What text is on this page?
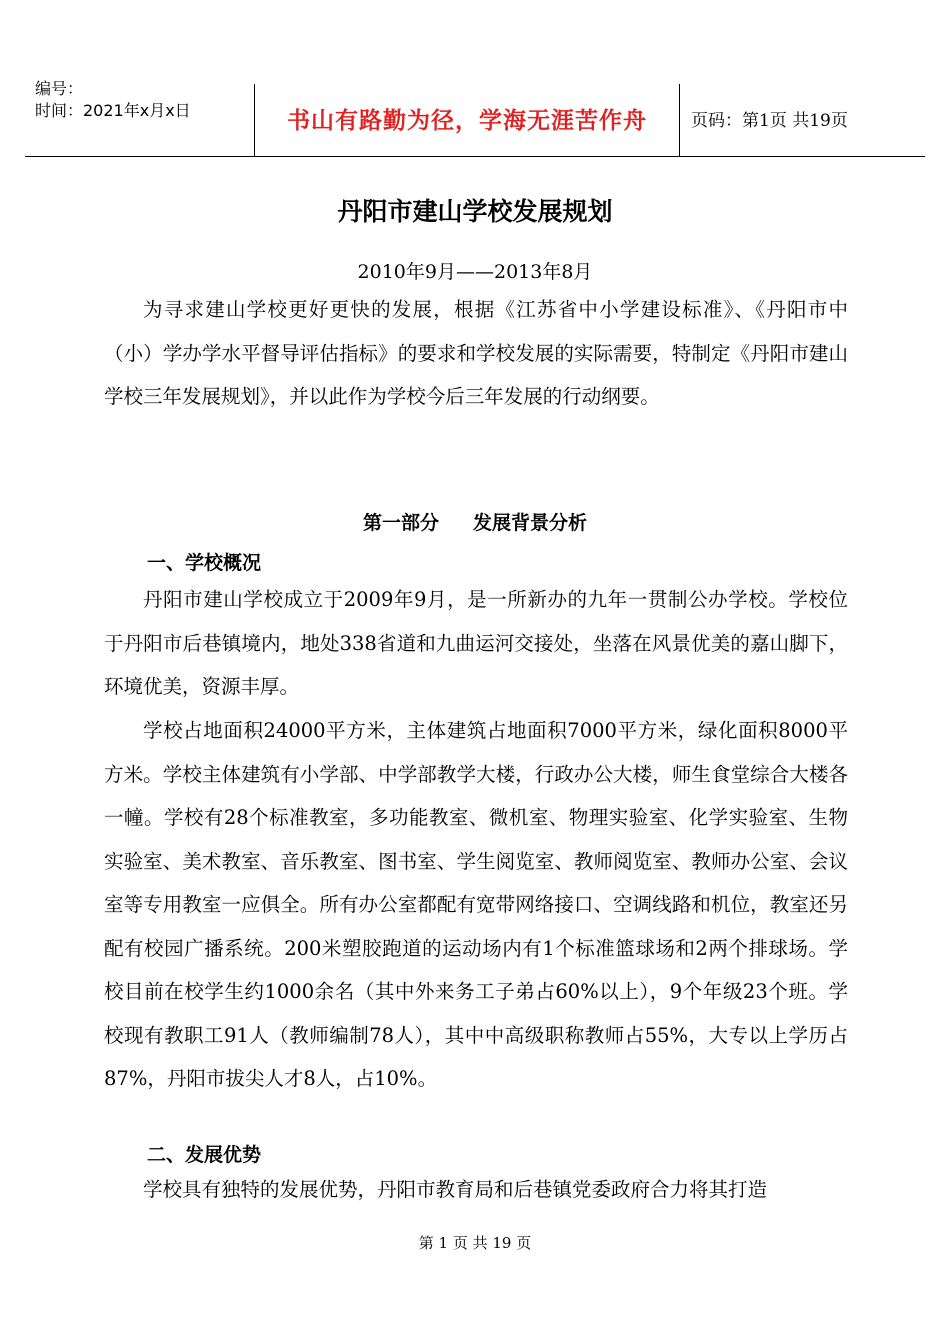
编号：
时间：2021年x月x日	书山有路勤为径，学海无涯苦作舟	页码：第1页 共19页
丹阳市建山学校发展规划
2010年9月——2013年8月

为寻求建山学校更好更快的发展，根据《江苏省中小学建设标准》、《丹阳市中（小）学办学水平督导评估指标》的要求和学校发展的实际需要，特制定《丹阳市建山学校三年发展规划》，并以此作为学校今后三年发展的行动纲要。

第一部分 发展背景分析
一、学校概况

丹阳市建山学校成立于2009年9月，是一所新办的九年一贯制公办学校。学校位于丹阳市后巷镇境内，地处338省道和九曲运河交接处，坐落在风景优美的嘉山脚下，环境优美，资源丰厚。

学校占地面积24000平方米，主体建筑占地面积7000平方米，绿化面积8000平方米。学校主体建筑有小学部、中学部教学大楼，行政办公大楼，师生食堂综合大楼各一幢。学校有28个标准教室，多功能教室、微机室、物理实验室、化学实验室、生物实验室、美术教室、音乐教室、图书室、学生阅览室、教师阅览室、教师办公室、会议室等专用教室一应俱全。所有办公室都配有宽带网络接口、空调线路和机位，教室还另配有校园广播系统。200米塑胶跑道的运动场内有1个标准篮球场和2两个排球场。学校目前在校学生约1000余名（其中外来务工子弟占60%以上），9个年级23个班。学校现有教职工91人（教师编制78人），其中中高级职称教师占55%，大专以上学历占87%，丹阳市拔尖人才8人，占10%。

二、发展优势

学校具有独特的发展优势，丹阳市教育局和后巷镇党委政府合力将其打造

第 1 页 共 19 页
